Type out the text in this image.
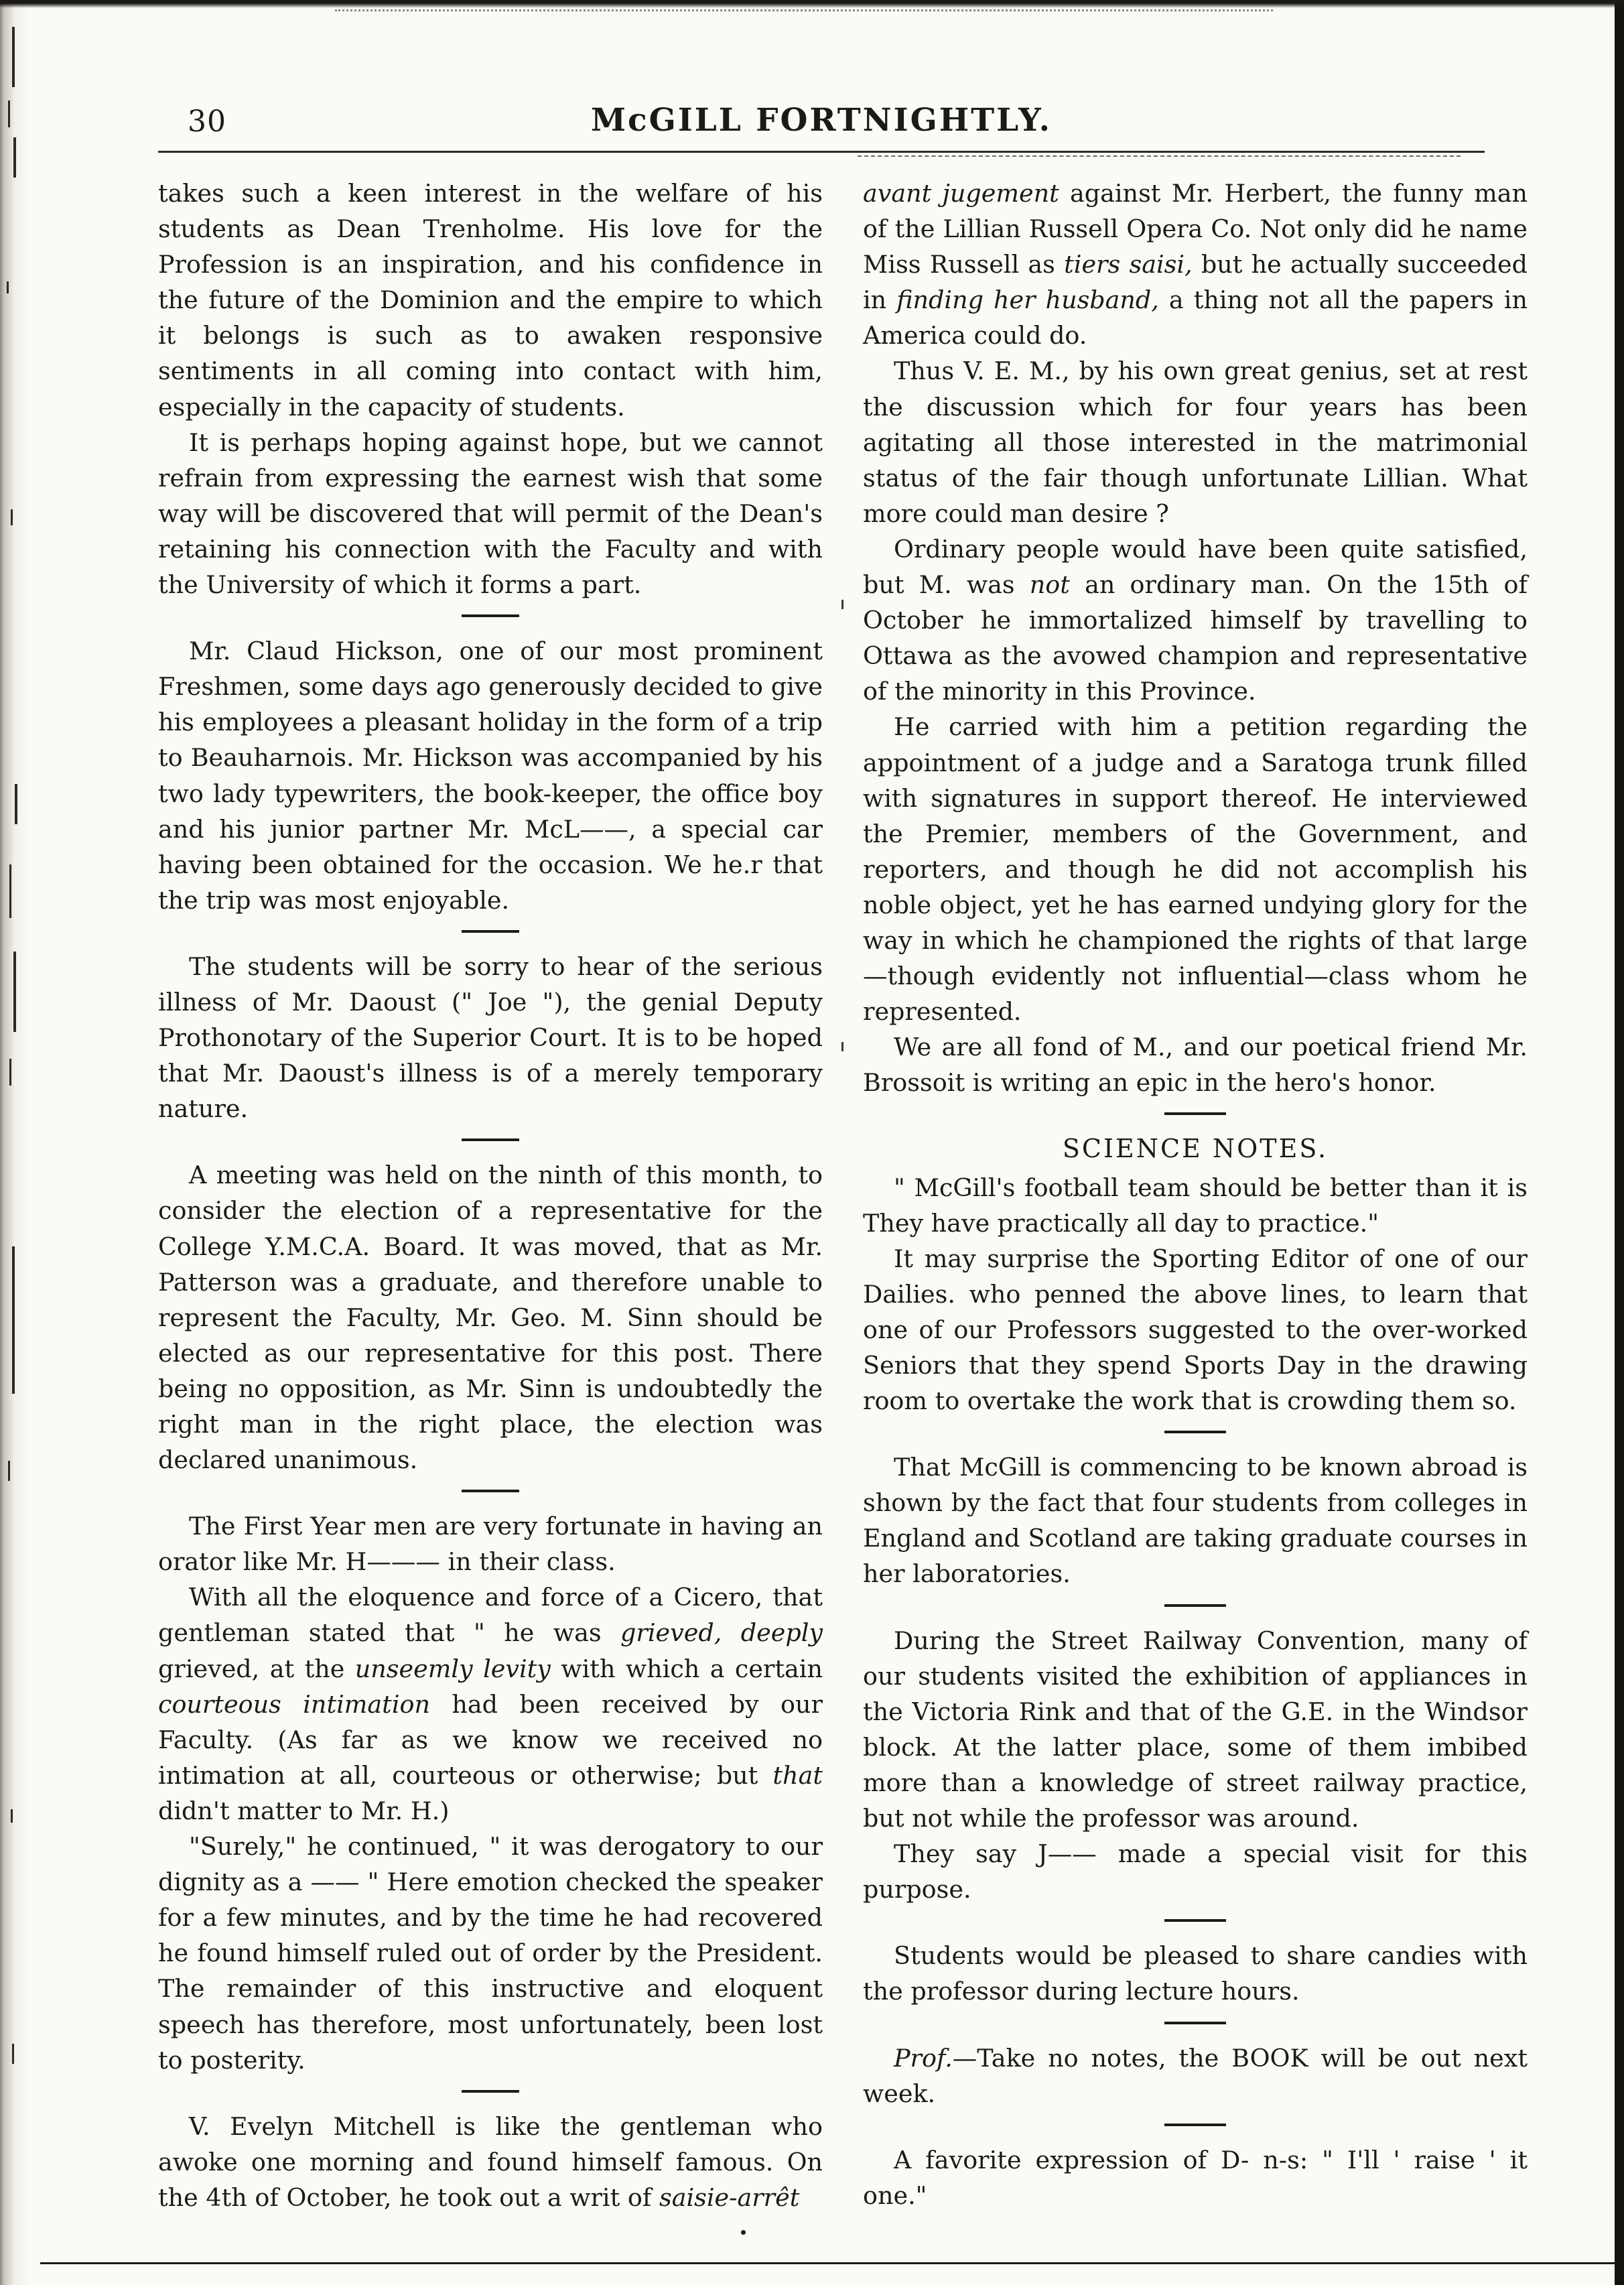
30	McGILL FORTNIGHTLY.

takes such a keen interest in the welfare of his students as Dean Trenholme. His love for the Profession is an inspiration, and his confidence in the future of the Dominion and the empire to which it belongs is such as to awaken responsive sentiments in all coming into contact with him, especially in the capacity of students.

It is perhaps hoping against hope, but we cannot refrain from expressing the earnest wish that some way will be discovered that will permit of the Dean's retaining his connection with the Faculty and with the University of which it forms a part.

Mr. Claud Hickson, one of our most prominent Freshmen, some days ago generously decided to give his employees a pleasant holiday in the form of a trip to Beauharnois. Mr. Hickson was accompanied by his two lady typewriters, the book-keeper, the office boy and his junior partner Mr. McL——, a special car having been obtained for the occasion. We he.r that the trip was most enjoyable.

The students will be sorry to hear of the serious illness of Mr. Daoust (" Joe "), the genial Deputy Prothonotary of the Superior Court. It is to be hoped that Mr. Daoust's illness is of a merely temporary nature.

A meeting was held on the ninth of this month, to consider the election of a representative for the College Y.M.C.A. Board. It was moved, that as Mr. Patterson was a graduate, and therefore unable to represent the Faculty, Mr. Geo. M. Sinn should be elected as our representative for this post. There being no opposition, as Mr. Sinn is undoubtedly the right man in the right place, the election was declared unanimous.

The First Year men are very fortunate in having an orator like Mr. H——— in their class.

With all the eloquence and force of a Cicero, that gentleman stated that " he was grieved, deeply grieved, at the unseemly levity with which a certain courteous intimation had been received by our Faculty. (As far as we know we received no intimation at all, courteous or otherwise; but that didn't matter to Mr. H.)

"Surely," he continued, " it was derogatory to our dignity as a —— " Here emotion checked the speaker for a few minutes, and by the time he had recovered he found himself ruled out of order by the President. The remainder of this instructive and eloquent speech has therefore, most unfortunately, been lost to posterity.

V. Evelyn Mitchell is like the gentleman who awoke one morning and found himself famous. On the 4th of October, he took out a writ of saisie-arrêt

avant jugement against Mr. Herbert, the funny man of the Lillian Russell Opera Co. Not only did he name Miss Russell as tiers saisi, but he actually succeeded in finding her husband, a thing not all the papers in America could do.

Thus V. E. M., by his own great genius, set at rest the discussion which for four years has been agitating all those interested in the matrimonial status of the fair though unfortunate Lillian. What more could man desire ?

Ordinary people would have been quite satisfied, but M. was not an ordinary man. On the 15th of October he immortalized himself by travelling to Ottawa as the avowed champion and representative of the minority in this Province.

He carried with him a petition regarding the appointment of a judge and a Saratoga trunk filled with signatures in support thereof. He interviewed the Premier, members of the Government, and reporters, and though he did not accomplish his noble object, yet he has earned undying glory for the way in which he championed the rights of that large—though evidently not influential—class whom he represented.

We are all fond of M., and our poetical friend Mr. Brossoit is writing an epic in the hero's honor.

SCIENCE NOTES.

" McGill's football team should be better than it is They have practically all day to practice."

It may surprise the Sporting Editor of one of our Dailies. who penned the above lines, to learn that one of our Professors suggested to the over-worked Seniors that they spend Sports Day in the drawing room to overtake the work that is crowding them so.

That McGill is commencing to be known abroad is shown by the fact that four students from colleges in England and Scotland are taking graduate courses in her laboratories.

During the Street Railway Convention, many of our students visited the exhibition of appliances in the Victoria Rink and that of the G.E. in the Windsor block. At the latter place, some of them imbibed more than a knowledge of street railway practice, but not while the professor was around.

They say J—— made a special visit for this purpose.

Students would be pleased to share candies with the professor during lecture hours.

Prof.—Take no notes, the BOOK will be out next week.

A favorite expression of D- n-s: " I'll ' raise ' it one."
